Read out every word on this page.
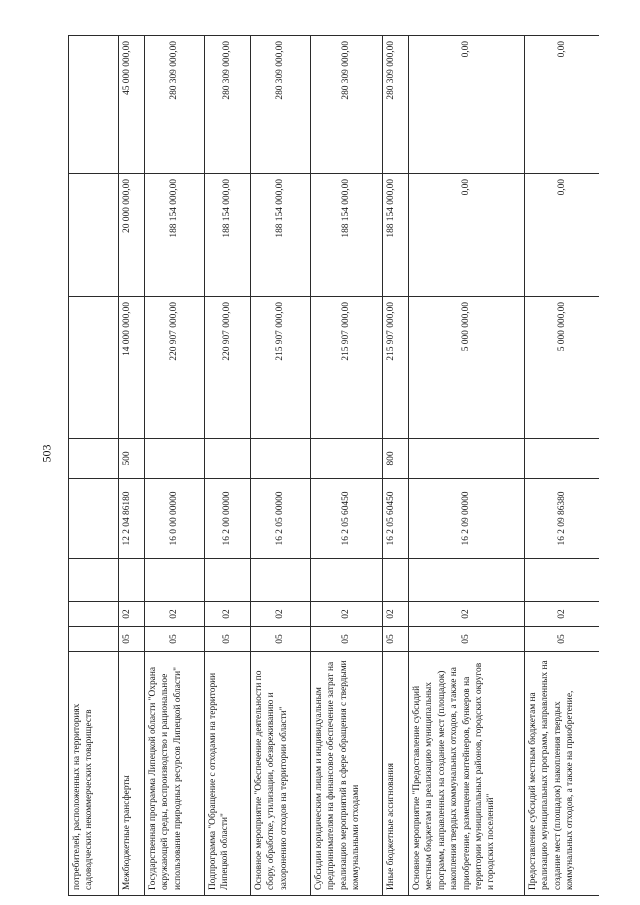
503
потребителей, расположенных на территориях садоводческих некоммерческих товариществ								
Межбюджетные трансферты	05	02		12 2 04 86180	500	14 000 000,00	20 000 000,00	45 000 000,00
Государственная программа Липецкой области "Охрана окружающей среды, воспроизводство и рациональное использование природных ресурсов Липецкой области"	05	02		16 0 00 00000		220 907 000,00	188 154 000,00	280 309 000,00
Подпрограмма "Обращение с отходами на территории Липецкой области"	05	02		16 2 00 00000		220 907 000,00	188 154 000,00	280 309 000,00
Основное мероприятие "Обеспечение деятельности по сбору, обработке, утилизации, обезвреживанию и захоронению отходов на территории области"	05	02		16 2 05 00000		215 907 000,00	188 154 000,00	280 309 000,00
Субсидии юридическим лицам и индивидуальным предпринимателям на финансовое обеспечение затрат на реализацию мероприятий в сфере обращения с твердыми коммунальными отходами	05	02		16 2 05 60450		215 907 000,00	188 154 000,00	280 309 000,00
Иные бюджетные ассигнования	05	02		16 2 05 60450	800	215 907 000,00	188 154 000,00	280 309 000,00
Основное мероприятие "Предоставление субсидий местным бюджетам на реализацию муниципальных программ, направленных на создание мест (площадок) накопления твердых коммунальных отходов, а также на приобретение, размещение контейнеров, бункеров на территории муниципальных районов, городских округов и городских поселений"	05	02		16 2 09 00000		5 000 000,00	0,00	0,00
Предоставление субсидий местным бюджетам на реализацию муниципальных программ, направленных на создание мест (площадок) накопления твердых коммунальных отходов, а также на приобретение,	05	02		16 2 09 86380		5 000 000,00	0,00	0,00
